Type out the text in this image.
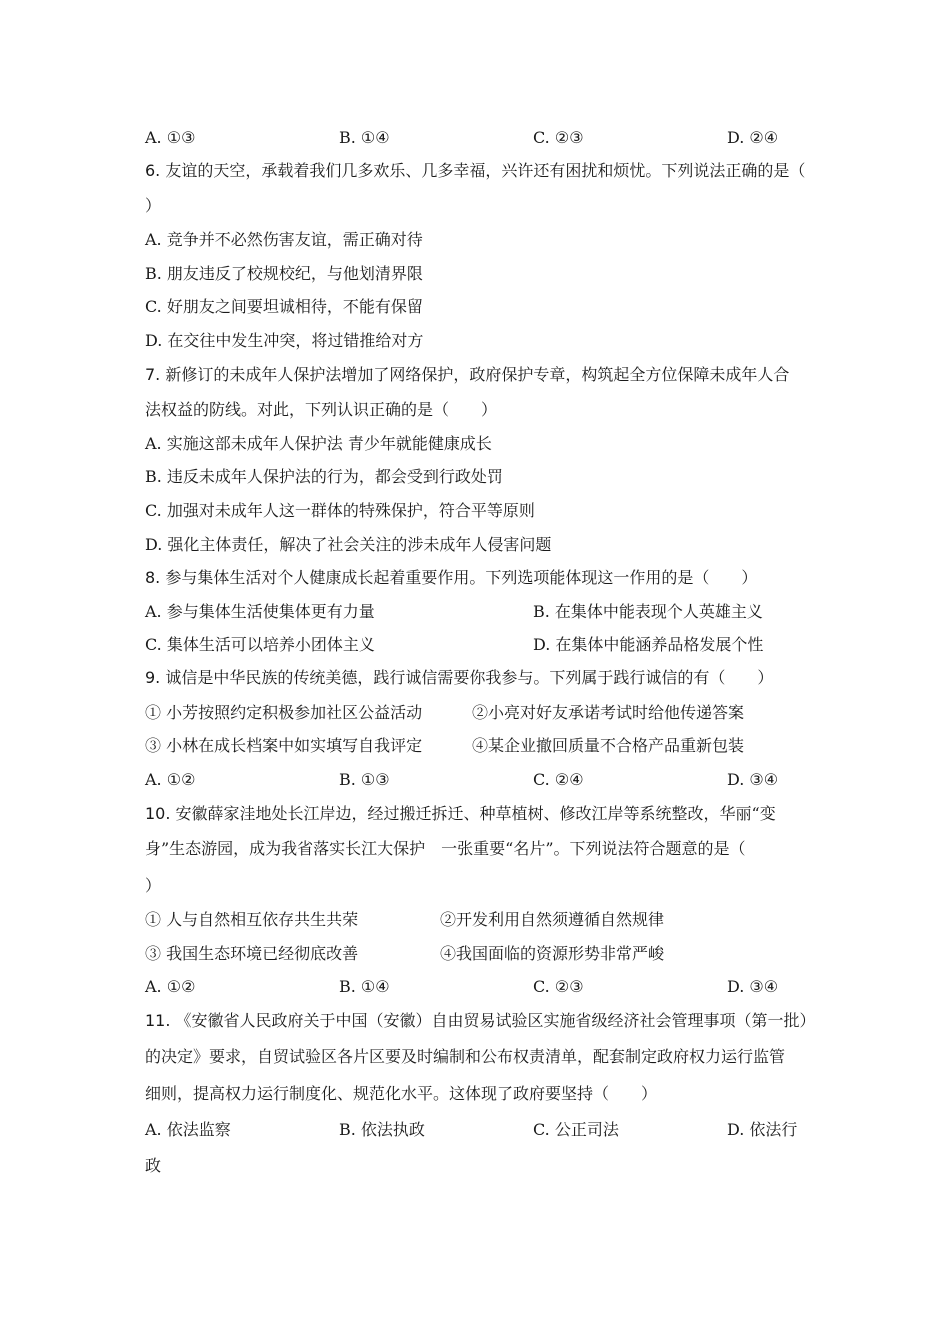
A. ①③	B. ①④	C. ②③	D. ②④
6. 友谊的天空，承载着我们几多欢乐、几多幸福，兴许还有困扰和烦忧。下列说法正确的是（
）
A. 竞争并不必然伤害友谊，需正确对待
B. 朋友违反了校规校纪，与他划清界限
C. 好朋友之间要坦诚相待，不能有保留
D. 在交往中发生冲突，将过错推给对方
7. 新修订的未成年人保护法增加了网络保护，政府保护专章，构筑起全方位保障未成年人合
法权益的防线。对此，下列认识正确的是（　　）
A. 实施这部未成年人保护法 青少年就能健康成长
B. 违反未成年人保护法的行为，都会受到行政处罚
C. 加强对未成年人这一群体的特殊保护，符合平等原则
D. 强化主体责任，解决了社会关注的涉未成年人侵害问题
8. 参与集体生活对个人健康成长起着重要作用。下列选项能体现这一作用的是（　　）
A. 参与集体生活使集体更有力量	B. 在集体中能表现个人英雄主义
C. 集体生活可以培养小团体主义	D. 在集体中能涵养品格发展个性
9. 诚信是中华民族的传统美德，践行诚信需要你我参与。下列属于践行诚信的有（　　）
① 小芳按照约定积极参加社区公益活动	②小亮对好友承诺考试时给他传递答案
③ 小林在成长档案中如实填写自我评定	④某企业撤回质量不合格产品重新包装
A. ①②	B. ①③	C. ②④	D. ③④
10. 安徽薛家洼地处长江岸边，经过搬迁拆迁、种草植树、修改江岸等系统整改，华丽“变
身”生态游园，成为我省落实长江大保护　一张重要“名片”。下列说法符合题意的是（
）
① 人与自然相互依存共生共荣	②开发利用自然须遵循自然规律
③ 我国生态环境已经彻底改善	④我国面临的资源形势非常严峻
A. ①②	B. ①④	C. ②③	D. ③④
11. 《安徽省人民政府关于中国（安徽）自由贸易试验区实施省级经济社会管理事项（第一批）
的决定》要求，自贸试验区各片区要及时编制和公布权责清单，配套制定政府权力运行监管
细则，提高权力运行制度化、规范化水平。这体现了政府要坚持（　　）
A. 依法监察	B. 依法执政	C. 公正司法	D. 依法行
政
